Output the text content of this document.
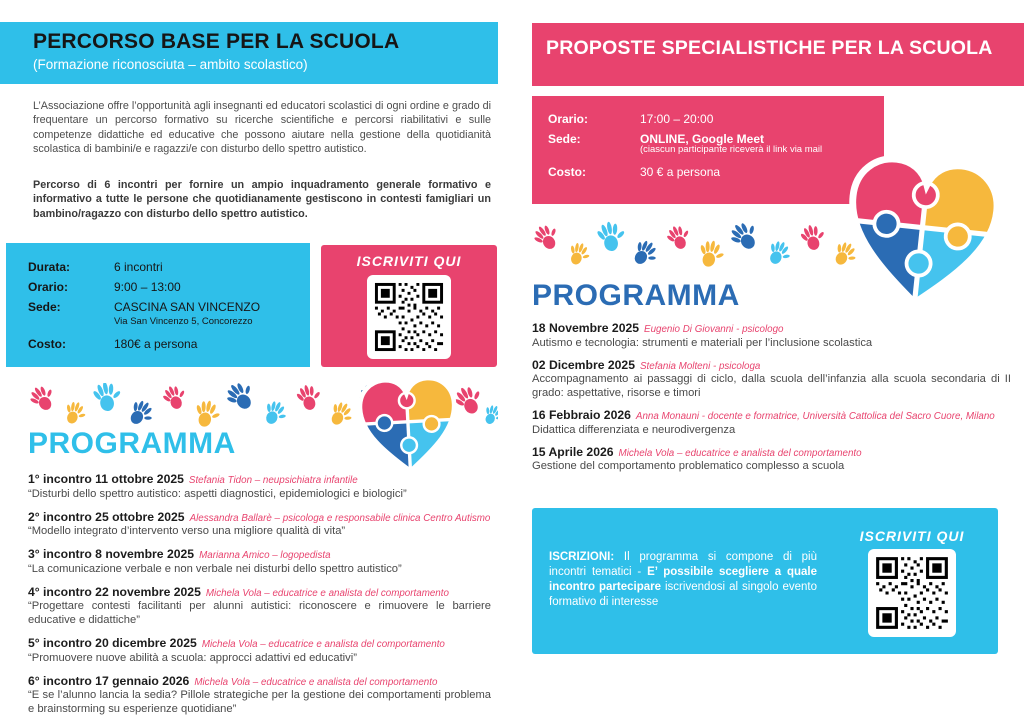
PERCORSO BASE PER LA SCUOLA
(Formazione riconosciuta – ambito scolastico)
L’Associazione offre l’opportunità agli insegnanti ed educatori scolastici di ogni ordine e grado di frequentare un percorso formativo su ricerche scientifiche e percorsi riabilitativi e sulle competenze didattiche ed educative che possono aiutare nella gestione della quotidianità scolastica di bambini/e e ragazzi/e con disturbo dello spettro autistico.
Percorso di 6 incontri per fornire un ampio inquadramento generale formativo e informativo a tutte le persone che quotidianamente gestiscono in contesti famigliari un bambino/ragazzo con disturbo dello spettro autistico.
Durata:	6 incontri
Orario:	9:00 – 13:00
Sede:	CASCINA SAN VINCENZO
Via San Vincenzo 5, Concorezzo
Costo:	180€ a persona
ISCRIVITI QUI
PROGRAMMA
1° incontro 11 ottobre 2025 Stefania Tidon – neupsichiatra infantile
“Disturbi dello spettro autistico: aspetti diagnostici, epidemiologici e biologici”
2° incontro 25 ottobre 2025 Alessandra Ballarè – psicologa e responsabile clinica Centro Autismo
“Modello integrato d’intervento verso una migliore qualità di vita”
3° incontro 8 novembre 2025 Marianna Amico – logopedista
“La comunicazione verbale e non verbale nei disturbi dello spettro autistico”
4° incontro 22 novembre 2025 Michela Vola – educatrice e analista del comportamento
“Progettare contesti facilitanti per alunni autistici: riconoscere e rimuovere le barriere educative e didattiche”
5° incontro 20 dicembre 2025 Michela Vola – educatrice e analista del comportamento
“Promuovere nuove abilità a scuola: approcci adattivi ed educativi”
6° incontro 17 gennaio 2026 Michela Vola – educatrice e analista del comportamento
“E se l’alunno lancia la sedia? Pillole strategiche per la gestione dei comportamenti problema e brainstorming su esperienze quotidiane”
PROPOSTE SPECIALISTICHE PER LA SCUOLA
Orario:	17:00 – 20:00
Sede:	ONLINE, Google Meet
(ciascun participante riceverà il link via mail
Costo:	30 € a persona
PROGRAMMA
18 Novembre 2025 Eugenio Di Giovanni - psicologo
Autismo e tecnologia: strumenti e materiali per l’inclusione scolastica
02 Dicembre 2025 Stefania Molteni - psicologa
Accompagnamento ai passaggi di ciclo, dalla scuola dell’infanzia alla scuola secondaria di II grado: aspettative, risorse e timori
16 Febbraio 2026 Anna Monauni - docente e formatrice, Università Cattolica del Sacro Cuore, Milano
Didattica differenziata e neurodivergenza
15 Aprile 2026 Michela Vola – educatrice e analista del comportamento
Gestione del comportamento problematico complesso a scuola
ISCRIZIONI: Il programma si compone di più incontri tematici - E’ possibile scegliere a quale incontro partecipare iscrivendosi al singolo evento formativo di interesse
ISCRIVITI QUI
